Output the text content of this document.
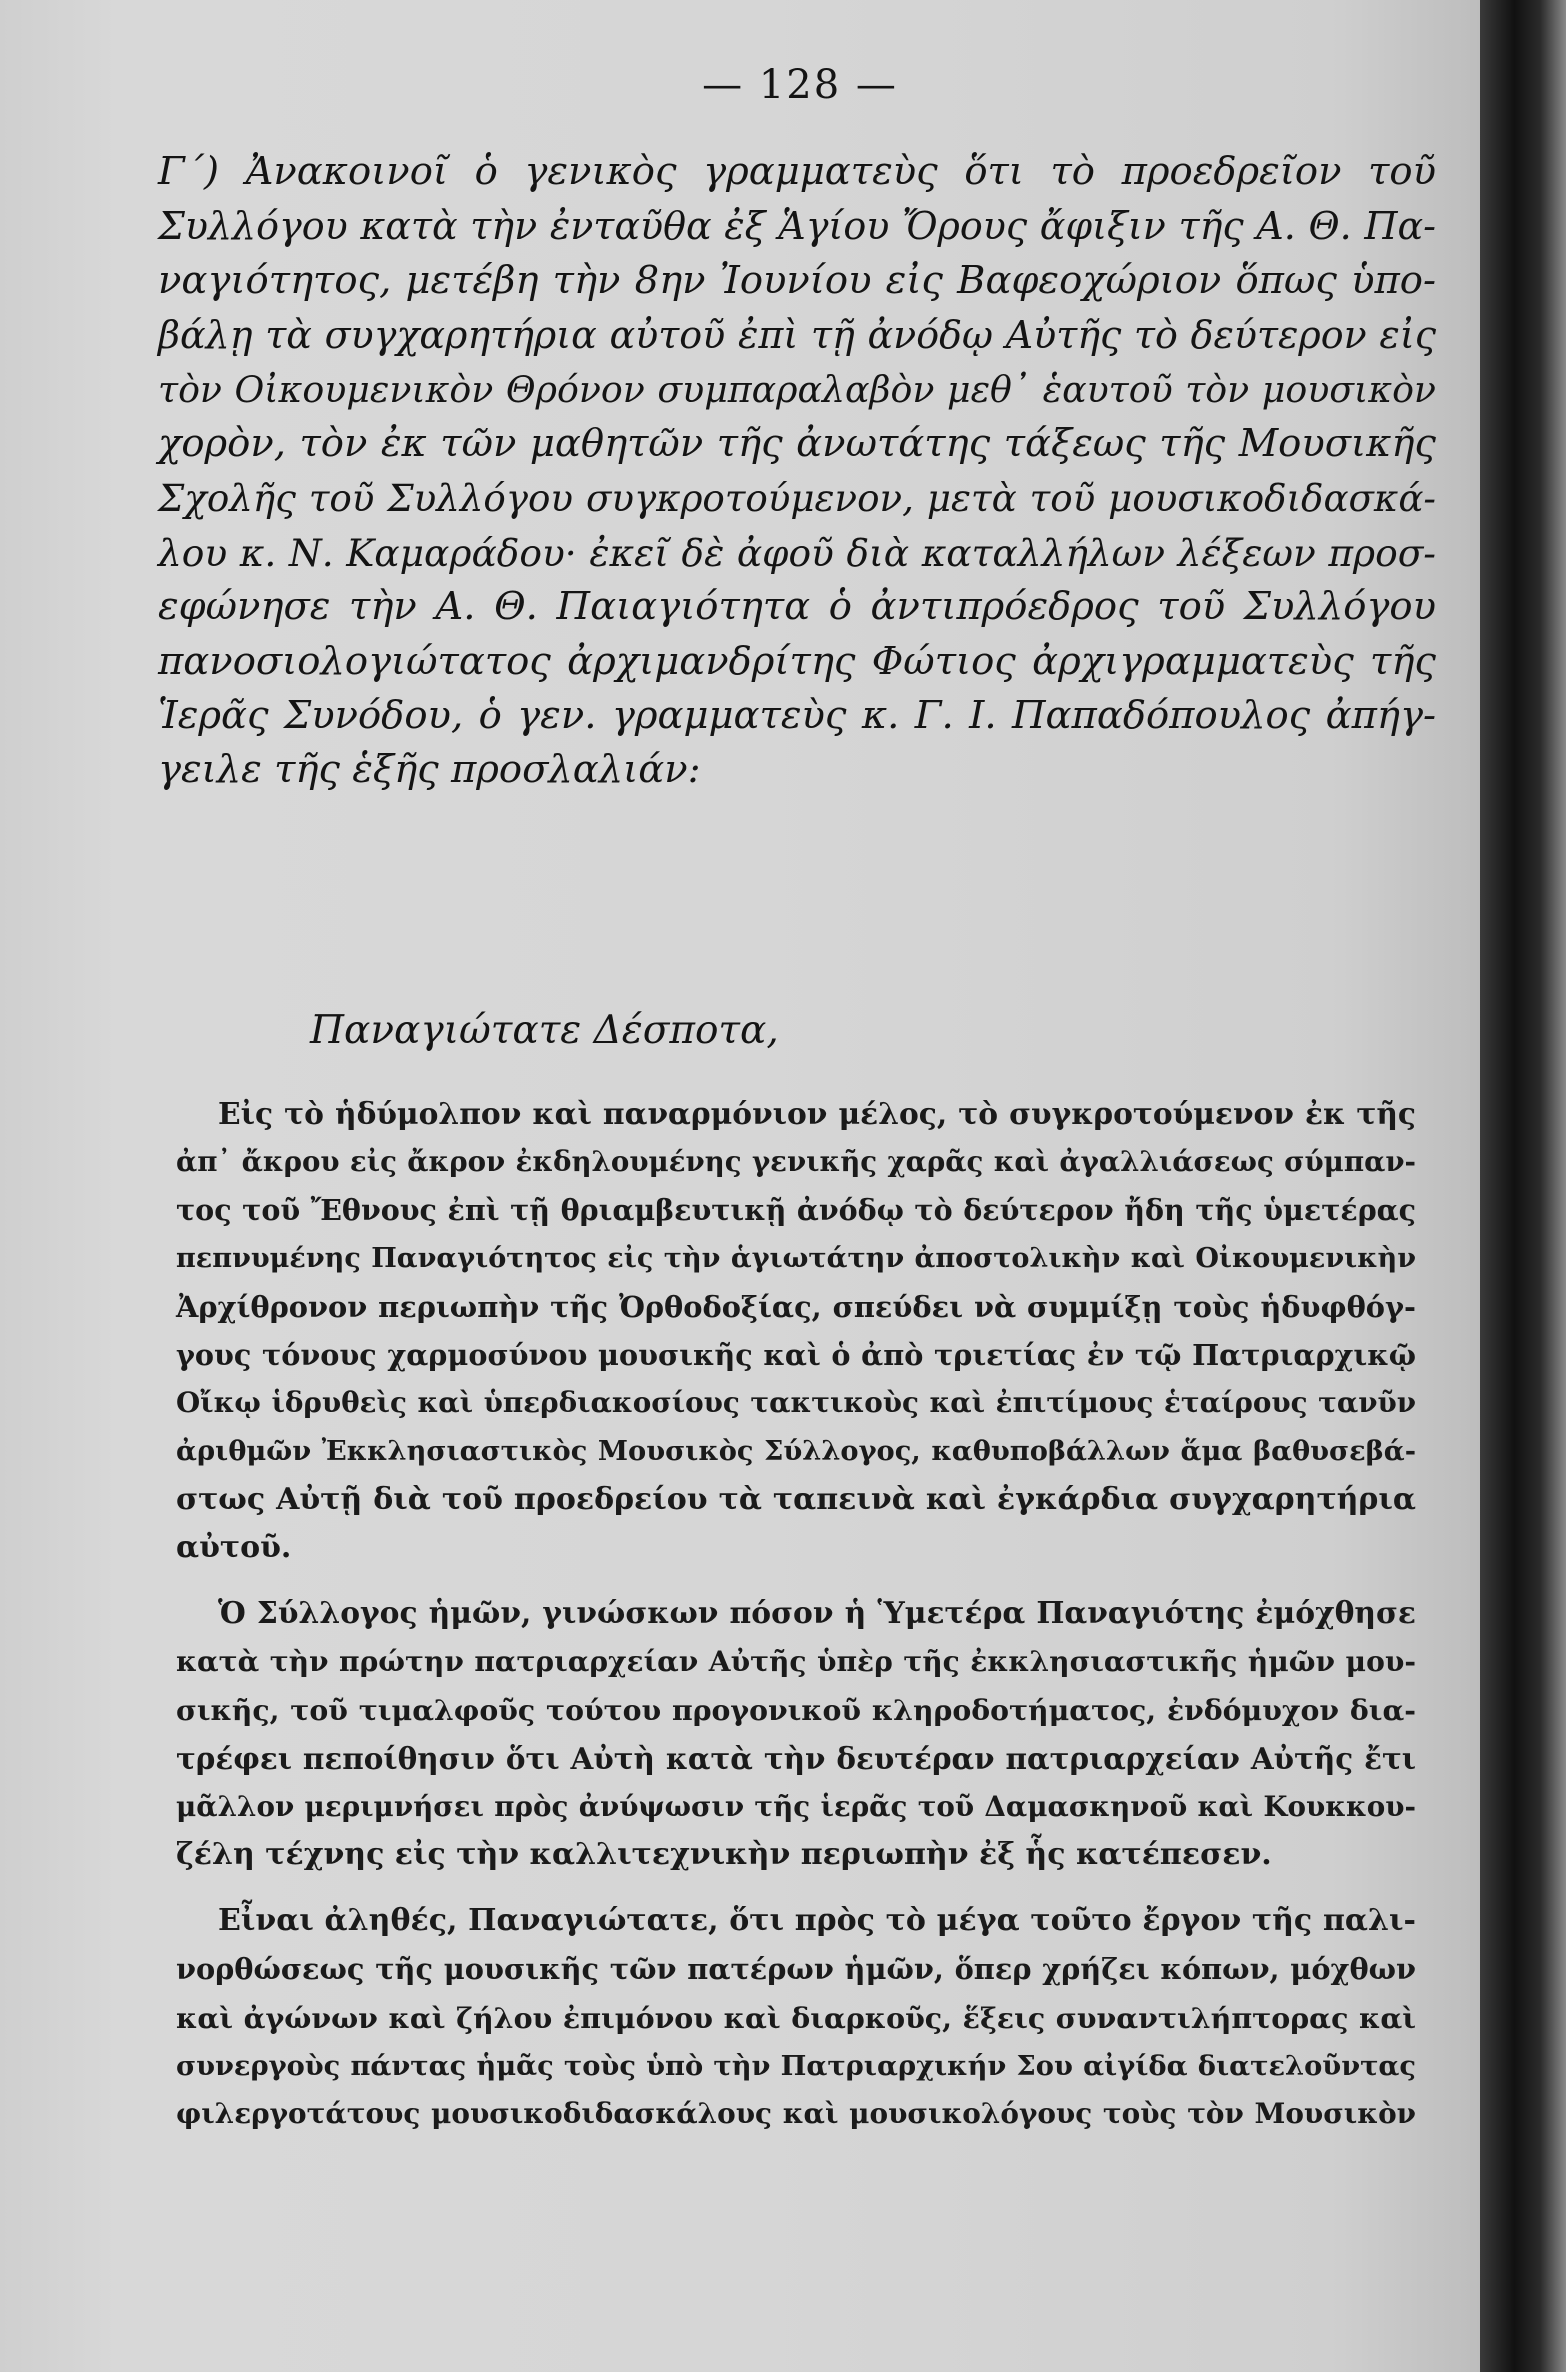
— 128 —
Γ´) Ἀνακοινοῖ ὁ γενικὸς γραμματεὺς ὅτι τὸ προεδρεῖον τοῦ
Συλλόγου κατὰ τὴν ἐνταῦθα ἐξ Ἁγίου Ὄρους ἄφιξιν τῆς Α. Θ. Πα-
ναγιότητος, μετέβη τὴν 8ην Ἰουνίου εἰς Βαφεοχώριον ὅπως ὑπο-
βάλῃ τὰ συγχαρητήρια αὐτοῦ ἐπὶ τῇ ἀνόδῳ Αὐτῆς τὸ δεύτερον εἰς
τὸν Οἰκουμενικὸν Θρόνον συμπαραλαβὸν μεθ᾿ ἑαυτοῦ τὸν μουσικὸν
χορὸν, τὸν ἐκ τῶν μαθητῶν τῆς ἀνωτάτης τάξεως τῆς Μουσικῆς
Σχολῆς τοῦ Συλλόγου συγκροτούμενον, μετὰ τοῦ μουσικοδιδασκά-
λου κ. Ν. Καμαράδου· ἐκεῖ δὲ ἀφοῦ διὰ καταλλήλων λέξεων προσ-
εφώνησε τὴν Α. Θ. Παιαγιότητα ὁ ἀντιπρόεδρος τοῦ Συλλόγου
πανοσιολογιώτατος ἀρχιμανδρίτης Φώτιος ἀρχιγραμματεὺς τῆς
Ἱερᾶς Συνόδου, ὁ γεν. γραμματεὺς κ. Γ. Ι. Παπαδόπουλος ἀπήγ-
γειλε τῆς ἑξῆς προσλαλιάν:
Παναγιώτατε Δέσποτα,
Εἰς τὸ ἡδύμολπον καὶ παναρμόνιον μέλος, τὸ συγκροτούμενον ἐκ τῆς
ἀπ᾿ ἄκρου εἰς ἄκρον ἐκδηλουμένης γενικῆς χαρᾶς καὶ ἀγαλλιάσεως σύμπαν-
τος τοῦ Ἔθνους ἐπὶ τῇ θριαμβευτικῇ ἀνόδῳ τὸ δεύτερον ἤδη τῆς ὑμετέρας
πεπνυμένης Παναγιότητος εἰς τὴν ἁγιωτάτην ἀποστολικὴν καὶ Οἰκουμενικὴν
Ἀρχίθρονον περιωπὴν τῆς Ὀρθοδοξίας, σπεύδει νὰ συμμίξῃ τοὺς ἡδυφθόγ-
γους τόνους χαρμοσύνου μουσικῆς καὶ ὁ ἀπὸ τριετίας ἐν τῷ Πατριαρχικῷ
Οἴκῳ ἱδρυθεὶς καὶ ὑπερδιακοσίους τακτικοὺς καὶ ἐπιτίμους ἑταίρους τανῦν
ἀριθμῶν Ἐκκλησιαστικὸς Μουσικὸς Σύλλογος, καθυποβάλλων ἅμα βαθυσεβά-
στως Αὐτῇ διὰ τοῦ προεδρείου τὰ ταπεινὰ καὶ ἐγκάρδια συγχαρητήρια
αὐτοῦ.
Ὁ Σύλλογος ἡμῶν, γινώσκων πόσον ἡ Ὑμετέρα Παναγιότης ἐμόχθησε
κατὰ τὴν πρώτην πατριαρχείαν Αὐτῆς ὑπὲρ τῆς ἐκκλησιαστικῆς ἡμῶν μου-
σικῆς, τοῦ τιμαλφοῦς τούτου προγονικοῦ κληροδοτήματος, ἐνδόμυχον δια-
τρέφει πεποίθησιν ὅτι Αὐτὴ κατὰ τὴν δευτέραν πατριαρχείαν Αὐτῆς ἔτι
μᾶλλον μεριμνήσει πρὸς ἀνύψωσιν τῆς ἱερᾶς τοῦ Δαμασκηνοῦ καὶ Κουκκου-
ζέλη τέχνης εἰς τὴν καλλιτεχνικὴν περιωπὴν ἐξ ἧς κατέπεσεν.
Εἶναι ἀληθές, Παναγιώτατε, ὅτι πρὸς τὸ μέγα τοῦτο ἔργον τῆς παλι-
νορθώσεως τῆς μουσικῆς τῶν πατέρων ἡμῶν, ὅπερ χρήζει κόπων, μόχθων
καὶ ἀγώνων καὶ ζήλου ἐπιμόνου καὶ διαρκοῦς, ἕξεις συναντιλήπτορας καὶ
συνεργοὺς πάντας ἡμᾶς τοὺς ὑπὸ τὴν Πατριαρχικήν Σου αἰγίδα διατελοῦντας
φιλεργοτάτους μουσικοδιδασκάλους καὶ μουσικολόγους τοὺς τὸν Μουσικὸν
